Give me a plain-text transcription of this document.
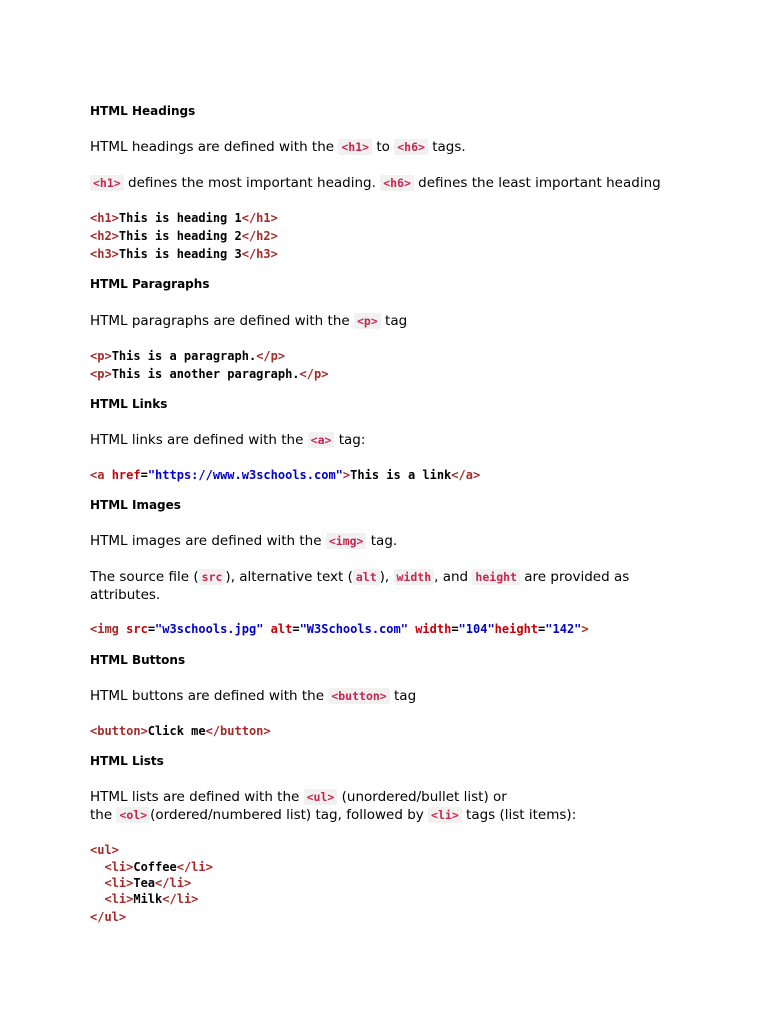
HTML Headings
HTML headings are defined with the <h1> to <h6> tags.
<h1> defines the most important heading. <h6> defines the least important heading
<h1>This is heading 1</h1>
<h2>This is heading 2</h2>
<h3>This is heading 3</h3>
HTML Paragraphs
HTML paragraphs are defined with the <p> tag
<p>This is a paragraph.</p>
<p>This is another paragraph.</p>
HTML Links
HTML links are defined with the <a> tag:
<a href="https://www.w3schools.com">This is a link</a>
HTML Images
HTML images are defined with the <img> tag.
The source file ( src ), alternative text ( alt ), width , and height are provided as
attributes.
<img src="w3schools.jpg" alt="W3Schools.com" width="104"height="142">
HTML Buttons
HTML buttons are defined with the <button> tag
<button>Click me</button>
HTML Lists
HTML lists are defined with the <ul> (unordered/bullet list) or
the <ol> (ordered/numbered list) tag, followed by <li> tags (list items):
<ul>
<li>Coffee</li>
<li>Tea</li>
<li>Milk</li>
</ul>
